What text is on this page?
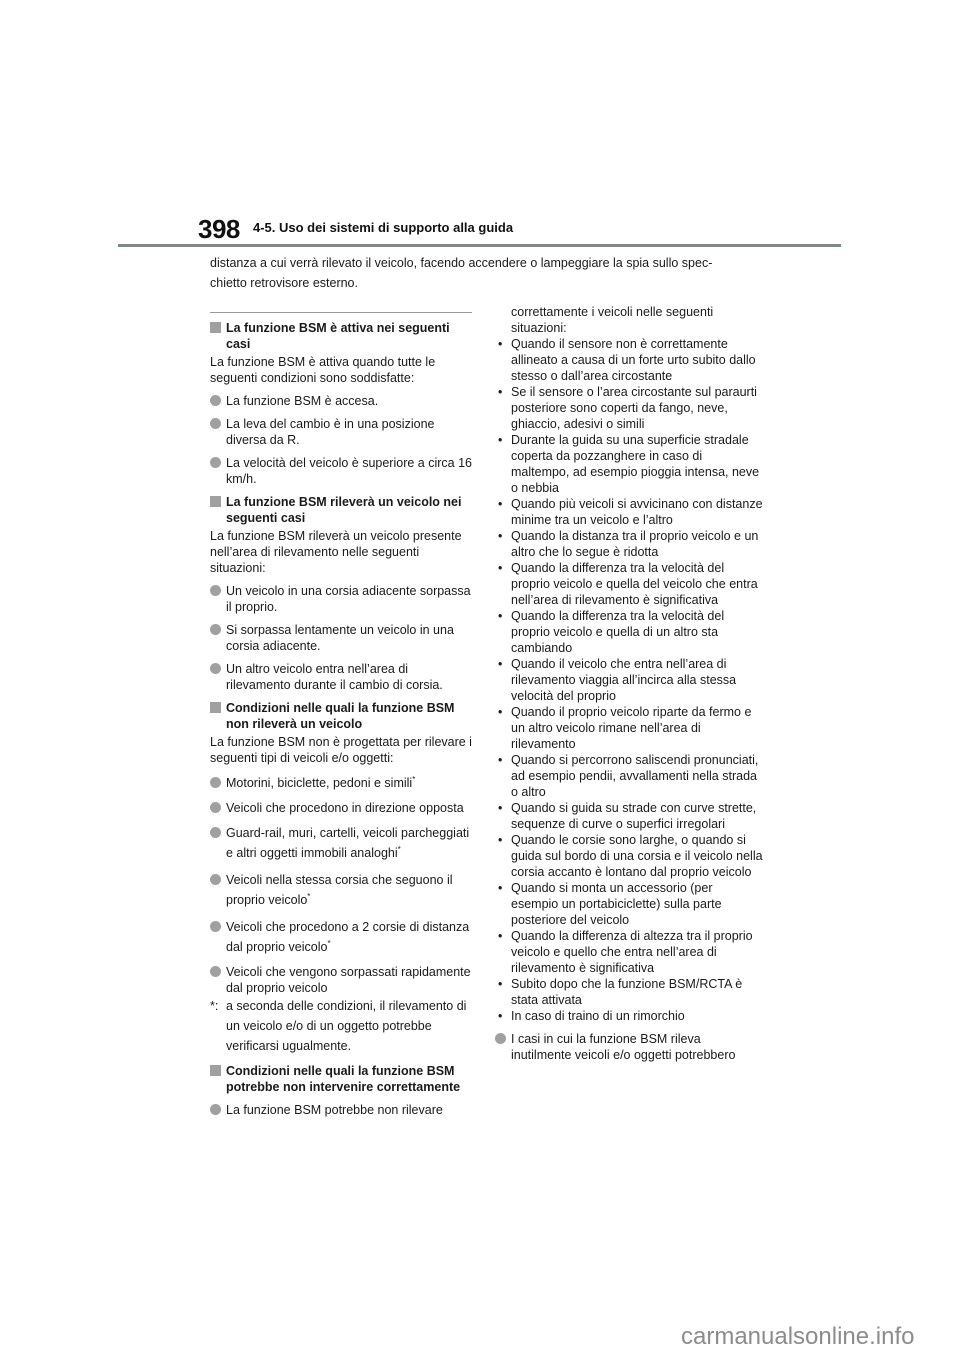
398 4-5. Uso dei sistemi di supporto alla guida
distanza a cui verrà rilevato il veicolo, facendo accendere o lampeggiare la spia sullo spec-
chietto retrovisore esterno.
La funzione BSM è attiva nei seguenti casi
La funzione BSM è attiva quando tutte le seguenti condizioni sono soddisfatte:
La funzione BSM è accesa.
La leva del cambio è in una posizione diversa da R.
La velocità del veicolo è superiore a circa 16 km/h.
La funzione BSM rileverà un veicolo nei seguenti casi
La funzione BSM rileverà un veicolo presente nell’area di rilevamento nelle seguenti situazioni:
Un veicolo in una corsia adiacente sorpassa il proprio.
Si sorpassa lentamente un veicolo in una corsia adiacente.
Un altro veicolo entra nell’area di rilevamento durante il cambio di corsia.
Condizioni nelle quali la funzione BSM non rileverà un veicolo
La funzione BSM non è progettata per rilevare i seguenti tipi di veicoli e/o oggetti:
Motorini, biciclette, pedoni e simili*
Veicoli che procedono in direzione opposta
Guard-rail, muri, cartelli, veicoli parcheggiati e altri oggetti immobili analoghi*
Veicoli nella stessa corsia che seguono il proprio veicolo*
Veicoli che procedono a 2 corsie di distanza dal proprio veicolo*
Veicoli che vengono sorpassati rapidamente dal proprio veicolo
*: a seconda delle condizioni, il rilevamento di un veicolo e/o di un oggetto potrebbe verificarsi ugualmente.
Condizioni nelle quali la funzione BSM potrebbe non intervenire correttamente
La funzione BSM potrebbe non rilevare
correttamente i veicoli nelle seguenti situazioni:
• Quando il sensore non è correttamente allineato a causa di un forte urto subito dallo stesso o dall’area circostante
• Se il sensore o l’area circostante sul paraurti posteriore sono coperti da fango, neve, ghiaccio, adesivi o simili
• Durante la guida su una superficie stradale coperta da pozzanghere in caso di maltempo, ad esempio pioggia intensa, neve o nebbia
• Quando più veicoli si avvicinano con distanze minime tra un veicolo e l’altro
• Quando la distanza tra il proprio veicolo e un altro che lo segue è ridotta
• Quando la differenza tra la velocità del proprio veicolo e quella del veicolo che entra nell’area di rilevamento è significativa
• Quando la differenza tra la velocità del proprio veicolo e quella di un altro sta cambiando
• Quando il veicolo che entra nell’area di rilevamento viaggia all’incirca alla stessa velocità del proprio
• Quando il proprio veicolo riparte da fermo e un altro veicolo rimane nell’area di rilevamento
• Quando si percorrono saliscendi pronunciati, ad esempio pendii, avvallamenti nella strada o altro
• Quando si guida su strade con curve strette, sequenze di curve o superfici irregolari
• Quando le corsie sono larghe, o quando si guida sul bordo di una corsia e il veicolo nella corsia accanto è lontano dal proprio veicolo
• Quando si monta un accessorio (per esempio un portabiciclette) sulla parte posteriore del veicolo
• Quando la differenza di altezza tra il proprio veicolo e quello che entra nell’area di rilevamento è significativa
• Subito dopo che la funzione BSM/RCTA è stata attivata
• In caso di traino di un rimorchio
I casi in cui la funzione BSM rileva inutilmente veicoli e/o oggetti potrebbero
carmanualsonline.info
